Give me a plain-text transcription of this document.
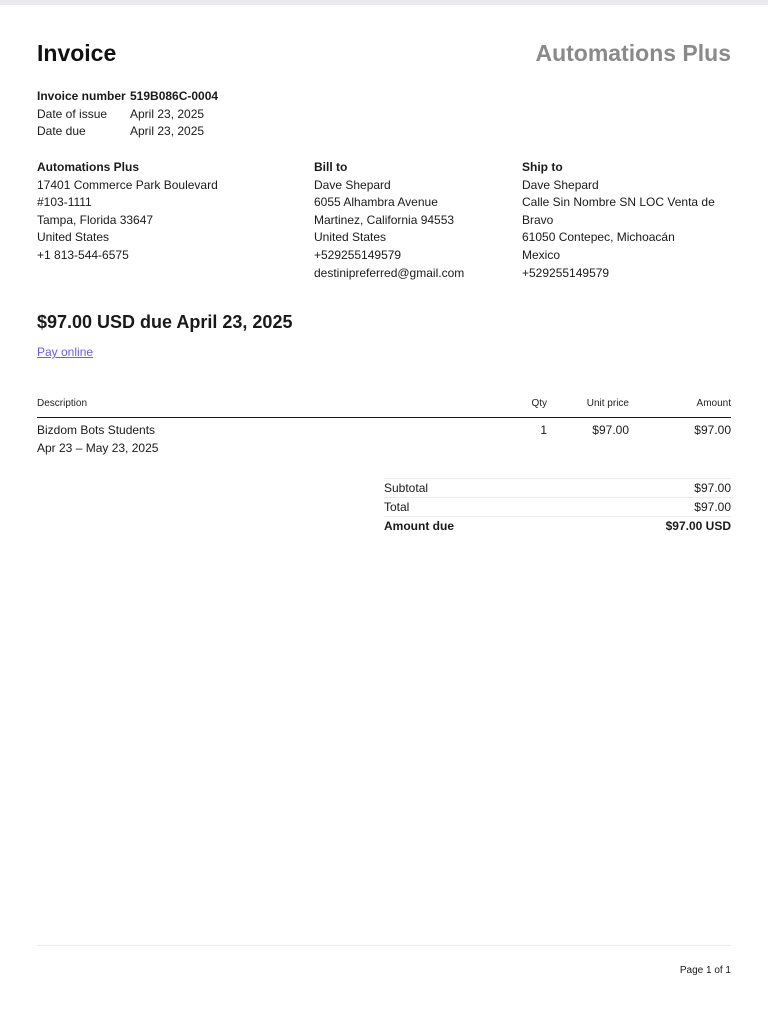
Invoice	Automations Plus
Invoice number 519B086C-0004
Date of issue	April 23, 2025
Date due	April 23, 2025
Automations Plus
17401 Commerce Park Boulevard
#103-1111
Tampa, Florida 33647
United States
+1 813-544-6575
Bill to
Dave Shepard
6055 Alhambra Avenue
Martinez, California 94553
United States
+529255149579
destinipreferred@gmail.com
Ship to
Dave Shepard
Calle Sin Nombre SN LOC Venta de
Bravo
61050 Contepec, Michoacán
Mexico
+529255149579
$97.00 USD due April 23, 2025
Pay online
Description	Qty	Unit price	Amount
Bizdom Bots Students
Apr 23 – May 23, 2025
1	$97.00	$97.00
Subtotal	$97.00
Total	$97.00
Amount due	$97.00 USD
Page 1 of 1
